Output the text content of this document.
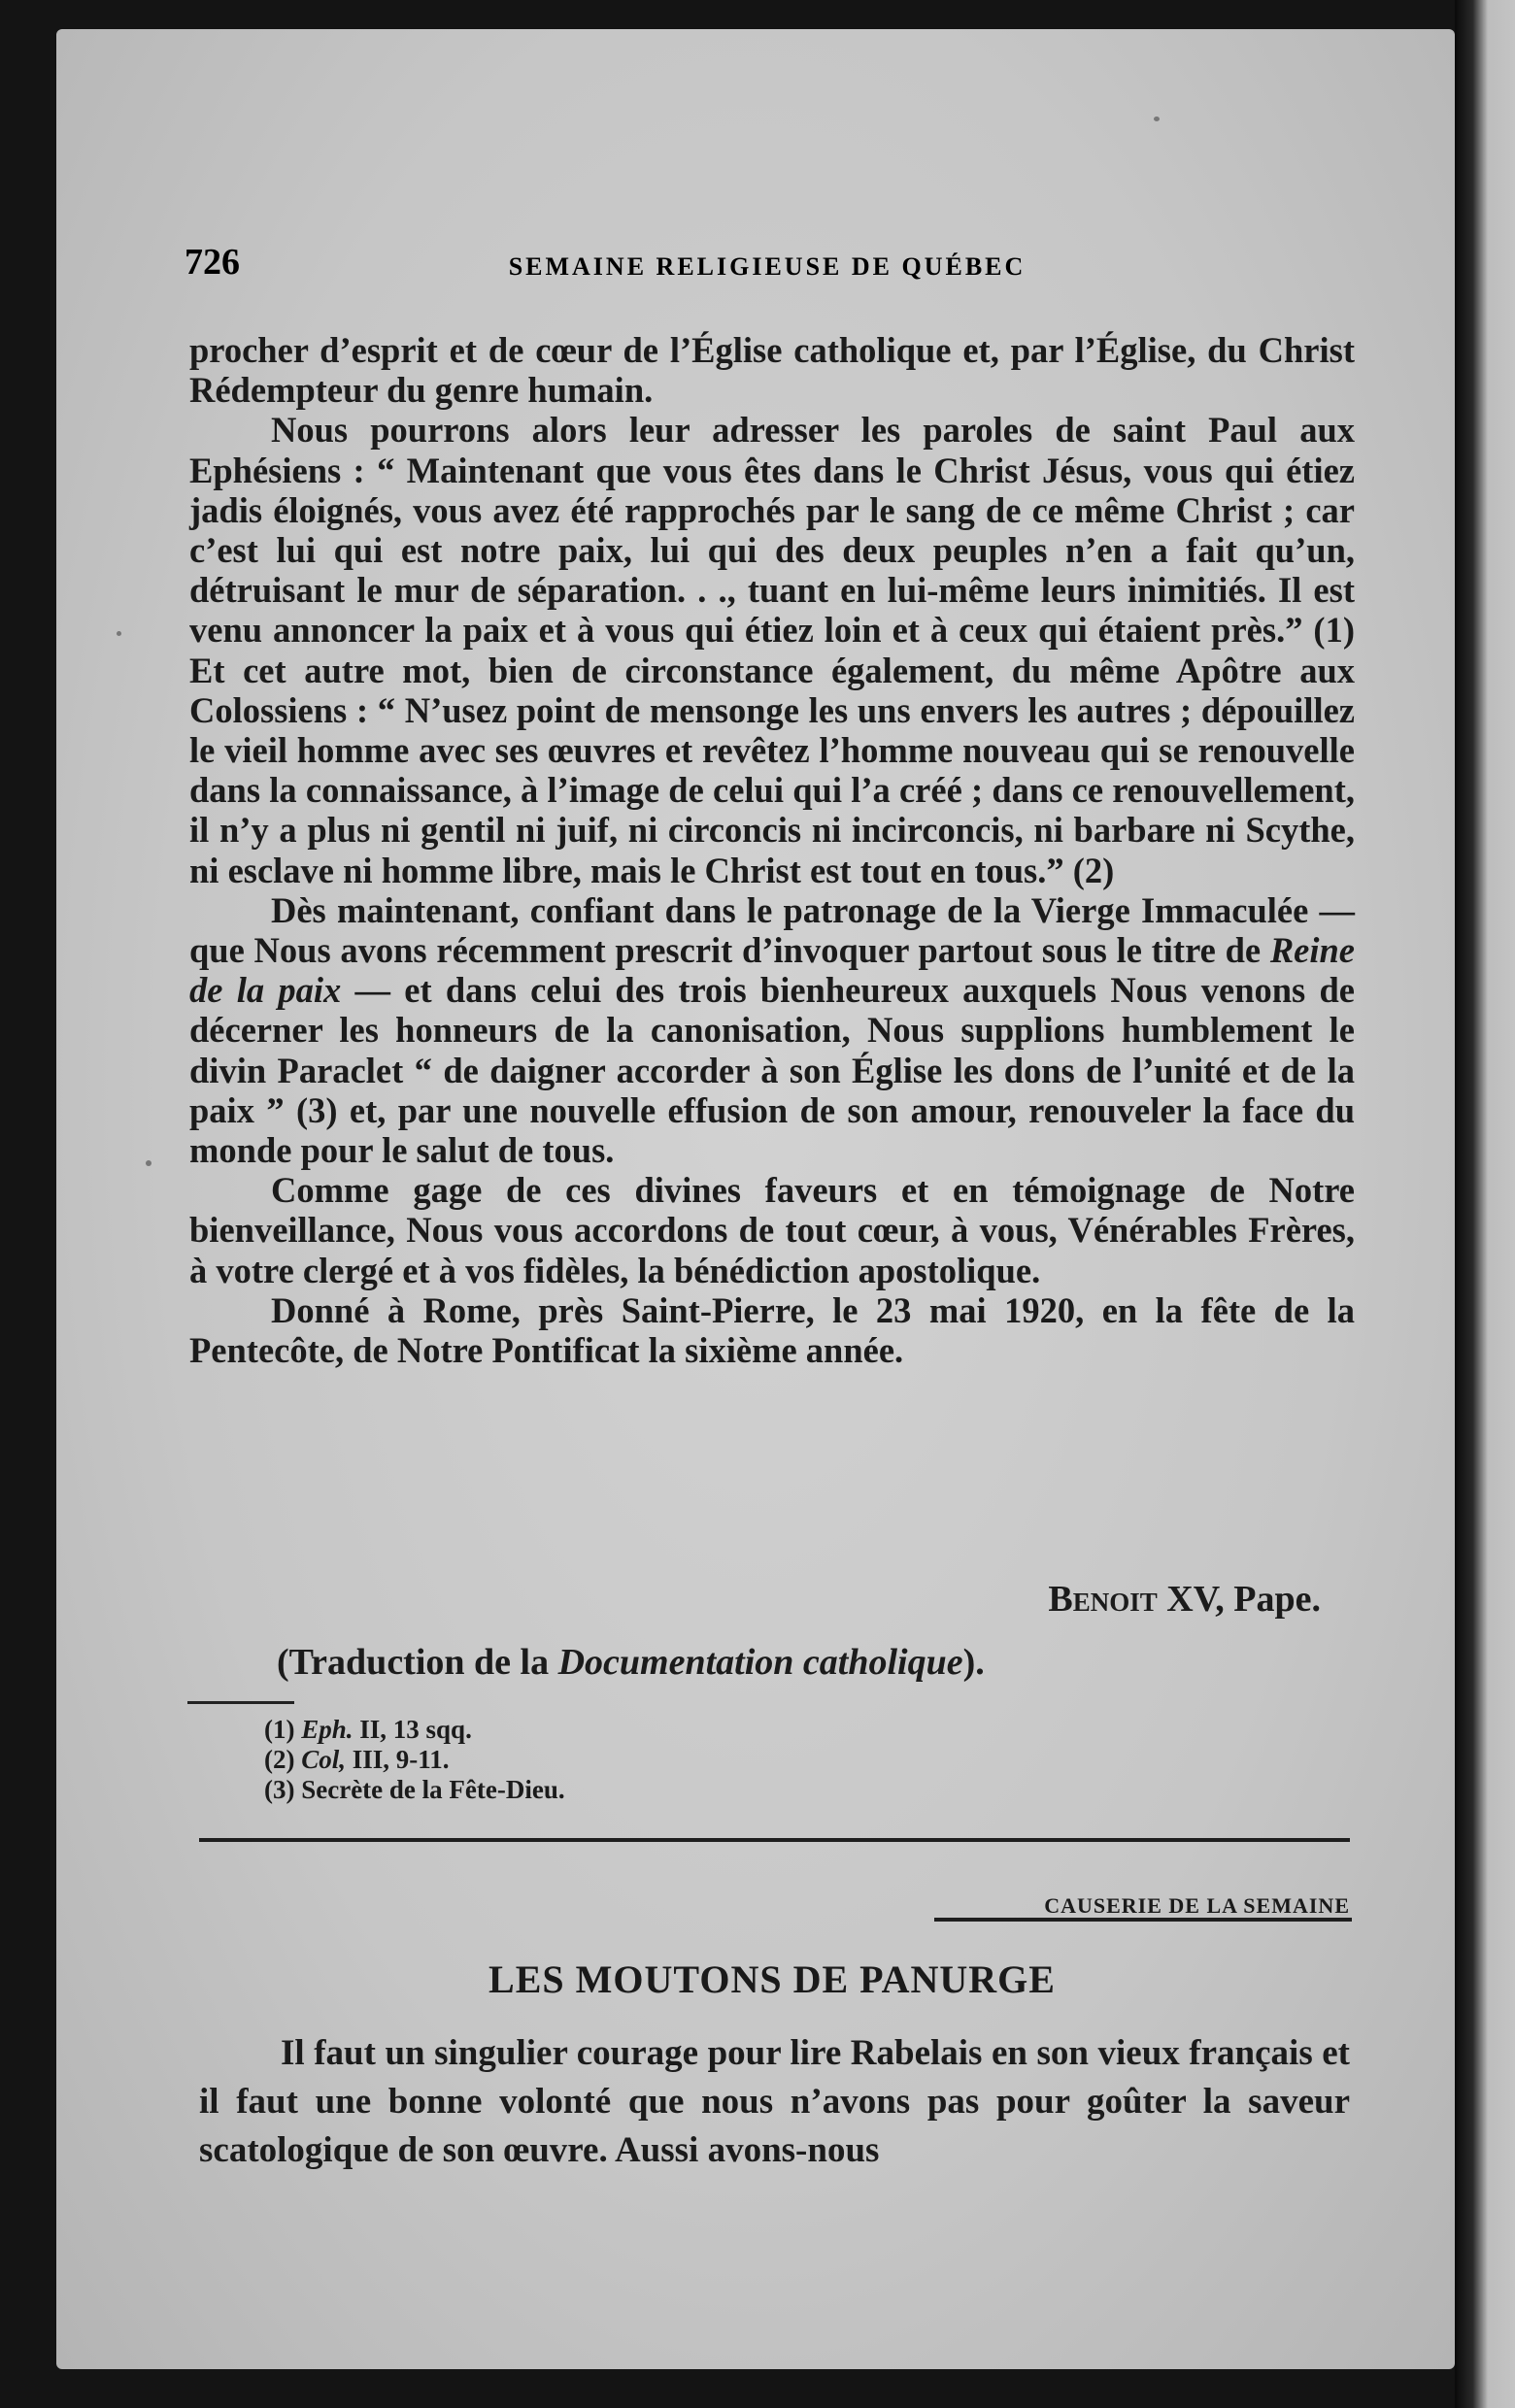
726	SEMAINE RELIGIEUSE DE QUÉBEC

procher d’esprit et de cœur de l’Église catholique et, par l’Église, du Christ Rédempteur du genre humain.

Nous pourrons alors leur adresser les paroles de saint Paul aux Ephésiens : “ Maintenant que vous êtes dans le Christ Jésus, vous qui étiez jadis éloignés, vous avez été rapprochés par le sang de ce même Christ ; car c’est lui qui est notre paix, lui qui des deux peuples n’en a fait qu’un, détruisant le mur de séparation. . ., tuant en lui-même leurs inimitiés. Il est venu annoncer la paix et à vous qui étiez loin et à ceux qui étaient près.” (1) Et cet autre mot, bien de circonstance également, du même Apôtre aux Colossiens : “ N’usez point de mensonge les uns envers les autres ; dépouillez le vieil homme avec ses œuvres et revêtez l’homme nouveau qui se renouvelle dans la connaissance, à l’image de celui qui l’a créé ; dans ce renouvellement, il n’y a plus ni gentil ni juif, ni circoncis ni incirconcis, ni barbare ni Scythe, ni esclave ni homme libre, mais le Christ est tout en tous.” (2)

Dès maintenant, confiant dans le patronage de la Vierge Immaculée — que Nous avons récemment prescrit d’invoquer partout sous le titre de Reine de la paix — et dans celui des trois bienheureux auxquels Nous venons de décerner les honneurs de la canonisation, Nous supplions humblement le divin Paraclet “ de daigner accorder à son Église les dons de l’unité et de la paix ” (3) et, par une nouvelle effusion de son amour, renouveler la face du monde pour le salut de tous.

Comme gage de ces divines faveurs et en témoignage de Notre bienveillance, Nous vous accordons de tout cœur, à vous, Vénérables Frères, à votre clergé et à vos fidèles, la bénédiction apostolique.

Donné à Rome, près Saint-Pierre, le 23 mai 1920, en la fête de la Pentecôte, de Notre Pontificat la sixième année.

Benoit XV, Pape.
(Traduction de la Documentation catholique).
(1) Eph. II, 13 sqq.
(2) Col, III, 9-11.
(3) Secrète de la Fête-Dieu.
CAUSERIE DE LA SEMAINE
LES MOUTONS DE PANURGE
Il faut un singulier courage pour lire Rabelais en son vieux français et il faut une bonne volonté que nous n’avons pas pour goûter la saveur scatologique de son œuvre. Aussi avons-nous
